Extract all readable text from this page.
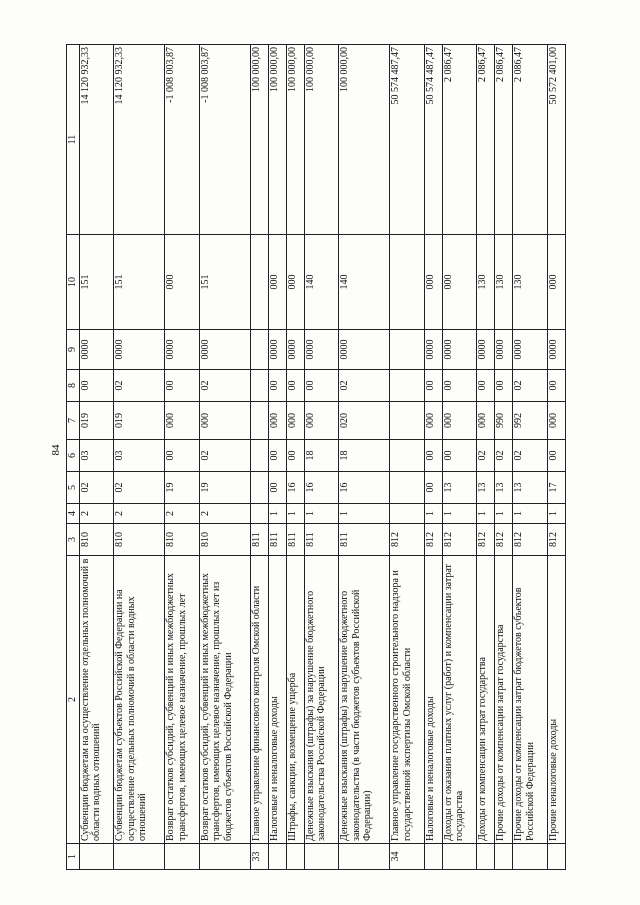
84
1	2	3	4	5	6	7	8	9	10	11
	Субвенции бюджетам на осуществление отдельных полномочий в области водных отношений	810	2	02	03	019	00	0000	151	14 120 932,33
	Субвенции бюджетам субъектов Российской Федерации на осуществление отдельных полномочий в области водных отношений	810	2	02	03	019	02	0000	151	14 120 932,33
	Возврат остатков субсидий, субвенций и иных межбюджетных трансфертов, имеющих целевое назначение, прошлых лет	810	2	19	00	000	00	0000	000	-1 008 003,87
	Возврат остатков субсидий, субвенций и иных межбюджетных трансфертов, имеющих целевое назначение, прошлых лет из бюджетов субъектов Российской Федерации	810	2	19	02	000	02	0000	151	-1 008 003,87
33	Главное управление финансового контроля Омской области	811								100 000,00
	Налоговые и неналоговые доходы	811	1	00	00	000	00	0000	000	100 000,00
	Штрафы, санкции, возмещение ущерба	811	1	16	00	000	00	0000	000	100 000,00
	Денежные взыскания (штрафы) за нарушение бюджетного законодательства Российской Федерации	811	1	16	18	000	00	0000	140	100 000,00
	Денежные взыскания (штрафы) за нарушение бюджетного законодательства (в части бюджетов субъектов Российской Федерации)	811	1	16	18	020	02	0000	140	100 000,00
34	Главное управление государственного строительного надзора и государственной экспертизы Омской области	812								50 574 487,47
	Налоговые и неналоговые доходы	812	1	00	00	000	00	0000	000	50 574 487,47
	Доходы от оказания платных услуг (работ) и компенсации затрат государства	812	1	13	00	000	00	0000	000	2 086,47
	Доходы от компенсации затрат государства	812	1	13	02	000	00	0000	130	2 086,47
	Прочие доходы от компенсации затрат государства	812	1	13	02	990	00	0000	130	2 086,47
	Прочие доходы от компенсации затрат бюджетов субъектов Российской Федерации	812	1	13	02	992	02	0000	130	2 086,47
	Прочие неналоговые доходы	812	1	17	00	000	00	0000	000	50 572 401,00
